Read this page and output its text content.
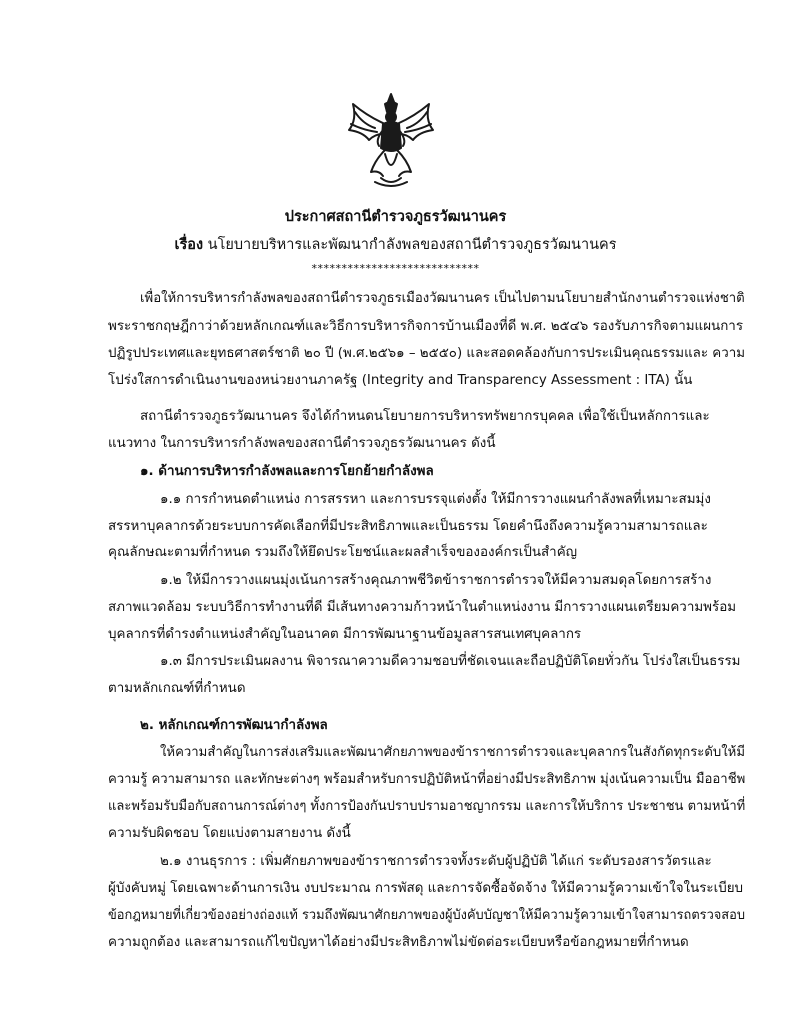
ประกาศสถานีตำรวจภูธรวัฒนานคร
เรื่อง นโยบายบริหารและพัฒนากำลังพลของสถานีตำรวจภูธรวัฒนานคร
****************************
เพื่อให้การบริหารกำลังพลของสถานีตำรวจภูธรเมืองวัฒนานคร เป็นไปตามนโยบายสำนักงานตำรวจแห่งชาติ
พระราชกฤษฎีกาว่าด้วยหลักเกณฑ์และวิธีการบริหารกิจการบ้านเมืองที่ดี พ.ศ. ๒๕๔๖ รองรับภารกิจตามแผนการ
ปฏิรูปประเทศและยุทธศาสตร์ชาติ ๒๐ ปี (พ.ศ.๒๕๖๑ – ๒๕๕๐) และสอดคล้องกับการประเมินคุณธรรมและ ความ
โปร่งใสการดำเนินงานของหน่วยงานภาครัฐ (Integrity and Transparency Assessment : ITA) นั้น
สถานีตำรวจภูธรวัฒนานคร จึงได้กำหนดนโยบายการบริหารทรัพยากรบุคคล เพื่อใช้เป็นหลักการและ
แนวทาง ในการบริหารกำลังพลของสถานีตำรวจภูธรวัฒนานคร ดังนี้
๑. ด้านการบริหารกำลังพลและการโยกย้ายกำลังพล
๑.๑ การกำหนดตำแหน่ง การสรรหา และการบรรจุแต่งตั้ง ให้มีการวางแผนกำลังพลที่เหมาะสมมุ่ง
สรรหาบุคลากรด้วยระบบการคัดเลือกที่มีประสิทธิภาพและเป็นธรรม โดยคำนึงถึงความรู้ความสามารถและ
คุณลักษณะตามที่กำหนด รวมถึงให้ยึดประโยชน์และผลสำเร็จขององค์กรเป็นสำคัญ
๑.๒ ให้มีการวางแผนมุ่งเน้นการสร้างคุณภาพชีวิตข้าราชการตำรวจให้มีความสมดุลโดยการสร้าง
สภาพแวดล้อม ระบบวิธีการทำงานที่ดี มีเส้นทางความก้าวหน้าในตำแหน่งงาน มีการวางแผนเตรียมความพร้อม
บุคลากรที่ดำรงตำแหน่งสำคัญในอนาคต มีการพัฒนาฐานข้อมูลสารสนเทศบุคลากร
๑.๓ มีการประเมินผลงาน พิจารณาความดีความชอบที่ชัดเจนและถือปฏิบัติโดยทั่วกัน โปร่งใสเป็นธรรม
ตามหลักเกณฑ์ที่กำหนด
๒. หลักเกณฑ์การพัฒนากำลังพล
ให้ความสำคัญในการส่งเสริมและพัฒนาศักยภาพของข้าราชการตำรวจและบุคลากรในสังกัดทุกระดับให้มี
ความรู้ ความสามารถ และทักษะต่างๆ พร้อมสำหรับการปฏิบัติหน้าที่อย่างมีประสิทธิภาพ มุ่งเน้นความเป็น มืออาชีพ
และพร้อมรับมือกับสถานการณ์ต่างๆ ทั้งการป้องกันปราบปรามอาชญากรรม และการให้บริการ ประชาชน ตามหน้าที่
ความรับผิดชอบ โดยแบ่งตามสายงาน ดังนี้
๒.๑ งานธุรการ : เพิ่มศักยภาพของข้าราชการตำรวจทั้งระดับผู้ปฏิบัติ ได้แก่ ระดับรองสารวัตรและ
ผู้บังคับหมู่ โดยเฉพาะด้านการเงิน งบประมาณ การพัสดุ และการจัดซื้อจัดจ้าง ให้มีความรู้ความเข้าใจในระเบียบ
ข้อกฎหมายที่เกี่ยวข้องอย่างถ่องแท้ รวมถึงพัฒนาศักยภาพของผู้บังคับบัญชาให้มีความรู้ความเข้าใจสามารถตรวจสอบ
ความถูกต้อง และสามารถแก้ไขปัญหาได้อย่างมีประสิทธิภาพไม่ขัดต่อระเบียบหรือข้อกฎหมายที่กำหนด
